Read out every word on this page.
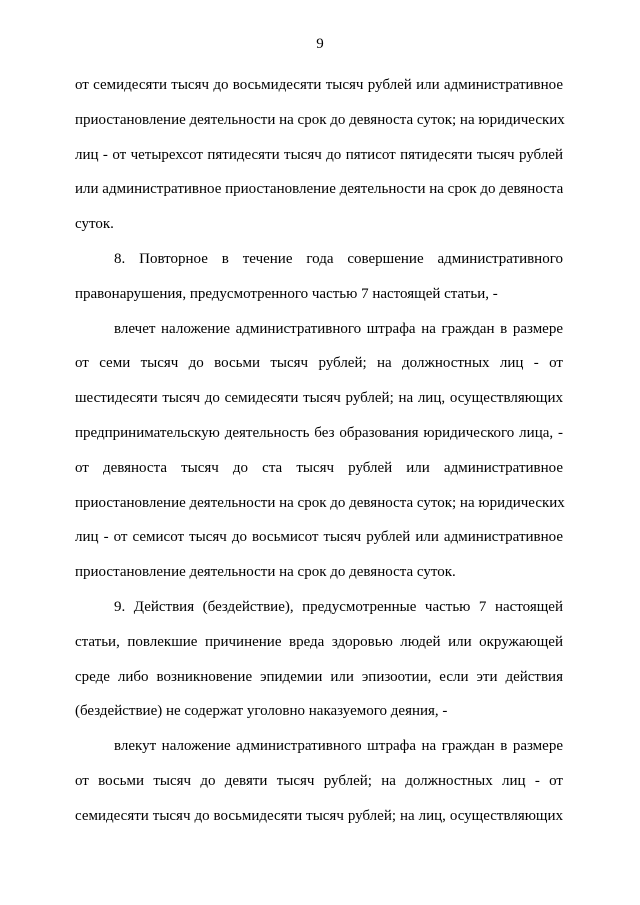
9
от семидесяти тысяч до восьмидесяти тысяч рублей или административное
приостановление деятельности на срок до девяноста суток; на юридических
лиц - от четырехсот пятидесяти тысяч до пятисот пятидесяти тысяч рублей
или административное приостановление деятельности на срок до девяноста
суток.
8. Повторное в течение года совершение административного
правонарушения, предусмотренного частью 7 настоящей статьи, -
влечет наложение административного штрафа на граждан в размере
от семи тысяч до восьми тысяч рублей; на должностных лиц - от
шестидесяти тысяч до семидесяти тысяч рублей; на лиц, осуществляющих
предпринимательскую деятельность без образования юридического лица, -
от девяноста тысяч до ста тысяч рублей или административное
приостановление деятельности на срок до девяноста суток; на юридических
лиц - от семисот тысяч до восьмисот тысяч рублей или административное
приостановление деятельности на срок до девяноста суток.
9. Действия (бездействие), предусмотренные частью 7 настоящей
статьи, повлекшие причинение вреда здоровью людей или окружающей
среде либо возникновение эпидемии или эпизоотии, если эти действия
(бездействие) не содержат уголовно наказуемого деяния, -
влекут наложение административного штрафа на граждан в размере
от восьми тысяч до девяти тысяч рублей; на должностных лиц - от
семидесяти тысяч до восьмидесяти тысяч рублей; на лиц, осуществляющих
